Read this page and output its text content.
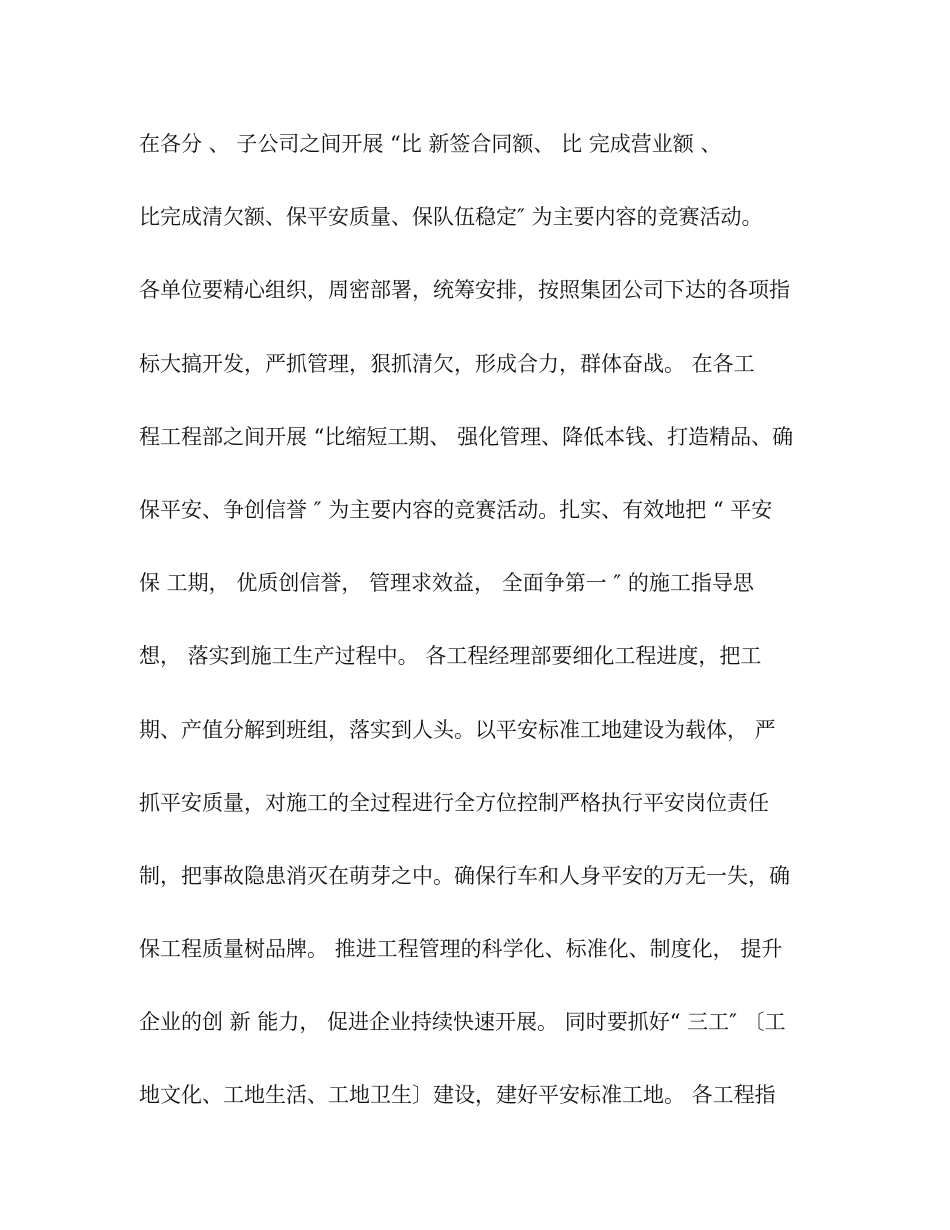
在各分 、 子公司之间开展 “比 新签合同额、 比 完成营业额 、
比完成清欠额、保平安质量、保队伍稳定″ 为主要内容的竞赛活动。
各单位要精心组织，周密部署，统筹安排，按照集团公司下达的各项指
标大搞开发，严抓管理，狠抓清欠，形成合力，群体奋战。 在各工
程工程部之间开展 “比缩短工期、 强化管理、降低本钱、打造精品、确
保平安、争创信誉 ″ 为主要内容的竞赛活动。扎实、有效地把 “ 平安
保 工期， 优质创信誉， 管理求效益， 全面争第一 ″ 的施工指导思
想， 落实到施工生产过程中。 各工程经理部要细化工程进度，把工
期、产值分解到班组，落实到人头。以平安标准工地建设为载体， 严
抓平安质量，对施工的全过程进行全方位控制严格执行平安岗位责任
制，把事故隐患消灭在萌芽之中。确保行车和人身平安的万无一失，确
保工程质量树品牌。 推进工程管理的科学化、标准化、制度化， 提升
企业的创 新 能力， 促进企业持续快速开展。 同时要抓好“ 三工″ 〔工
地文化、工地生活、工地卫生〕建设，建好平安标准工地。 各工程指
